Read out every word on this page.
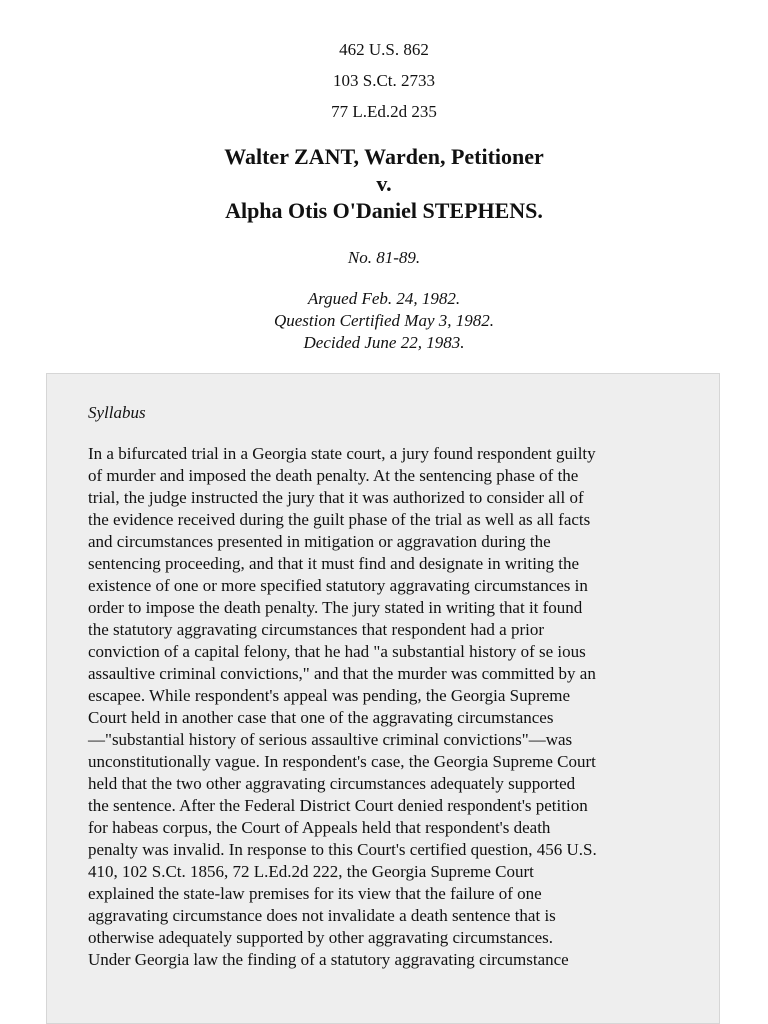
462 U.S. 862
103 S.Ct. 2733
77 L.Ed.2d 235
Walter ZANT, Warden, Petitioner
v.
Alpha Otis O'Daniel STEPHENS.
No. 81-89.
Argued Feb. 24, 1982.
Question Certified May 3, 1982.
Decided June 22, 1983.
Syllabus
In a bifurcated trial in a Georgia state court, a jury found respondent guilty
of murder and imposed the death penalty. At the sentencing phase of the
trial, the judge instructed the jury that it was authorized to consider all of
the evidence received during the guilt phase of the trial as well as all facts
and circumstances presented in mitigation or aggravation during the
sentencing proceeding, and that it must find and designate in writing the
existence of one or more specified statutory aggravating circumstances in
order to impose the death penalty. The jury stated in writing that it found
the statutory aggravating circumstances that respondent had a prior
conviction of a capital felony, that he had "a substantial history of se ious
assaultive criminal convictions," and that the murder was committed by an
escapee. While respondent's appeal was pending, the Georgia Supreme
Court held in another case that one of the aggravating circumstances
—"substantial history of serious assaultive criminal convictions"—was
unconstitutionally vague. In respondent's case, the Georgia Supreme Court
held that the two other aggravating circumstances adequately supported
the sentence. After the Federal District Court denied respondent's petition
for habeas corpus, the Court of Appeals held that respondent's death
penalty was invalid. In response to this Court's certified question, 456 U.S.
410, 102 S.Ct. 1856, 72 L.Ed.2d 222, the Georgia Supreme Court
explained the state-law premises for its view that the failure of one
aggravating circumstance does not invalidate a death sentence that is
otherwise adequately supported by other aggravating circumstances.
Under Georgia law the finding of a statutory aggravating circumstance
